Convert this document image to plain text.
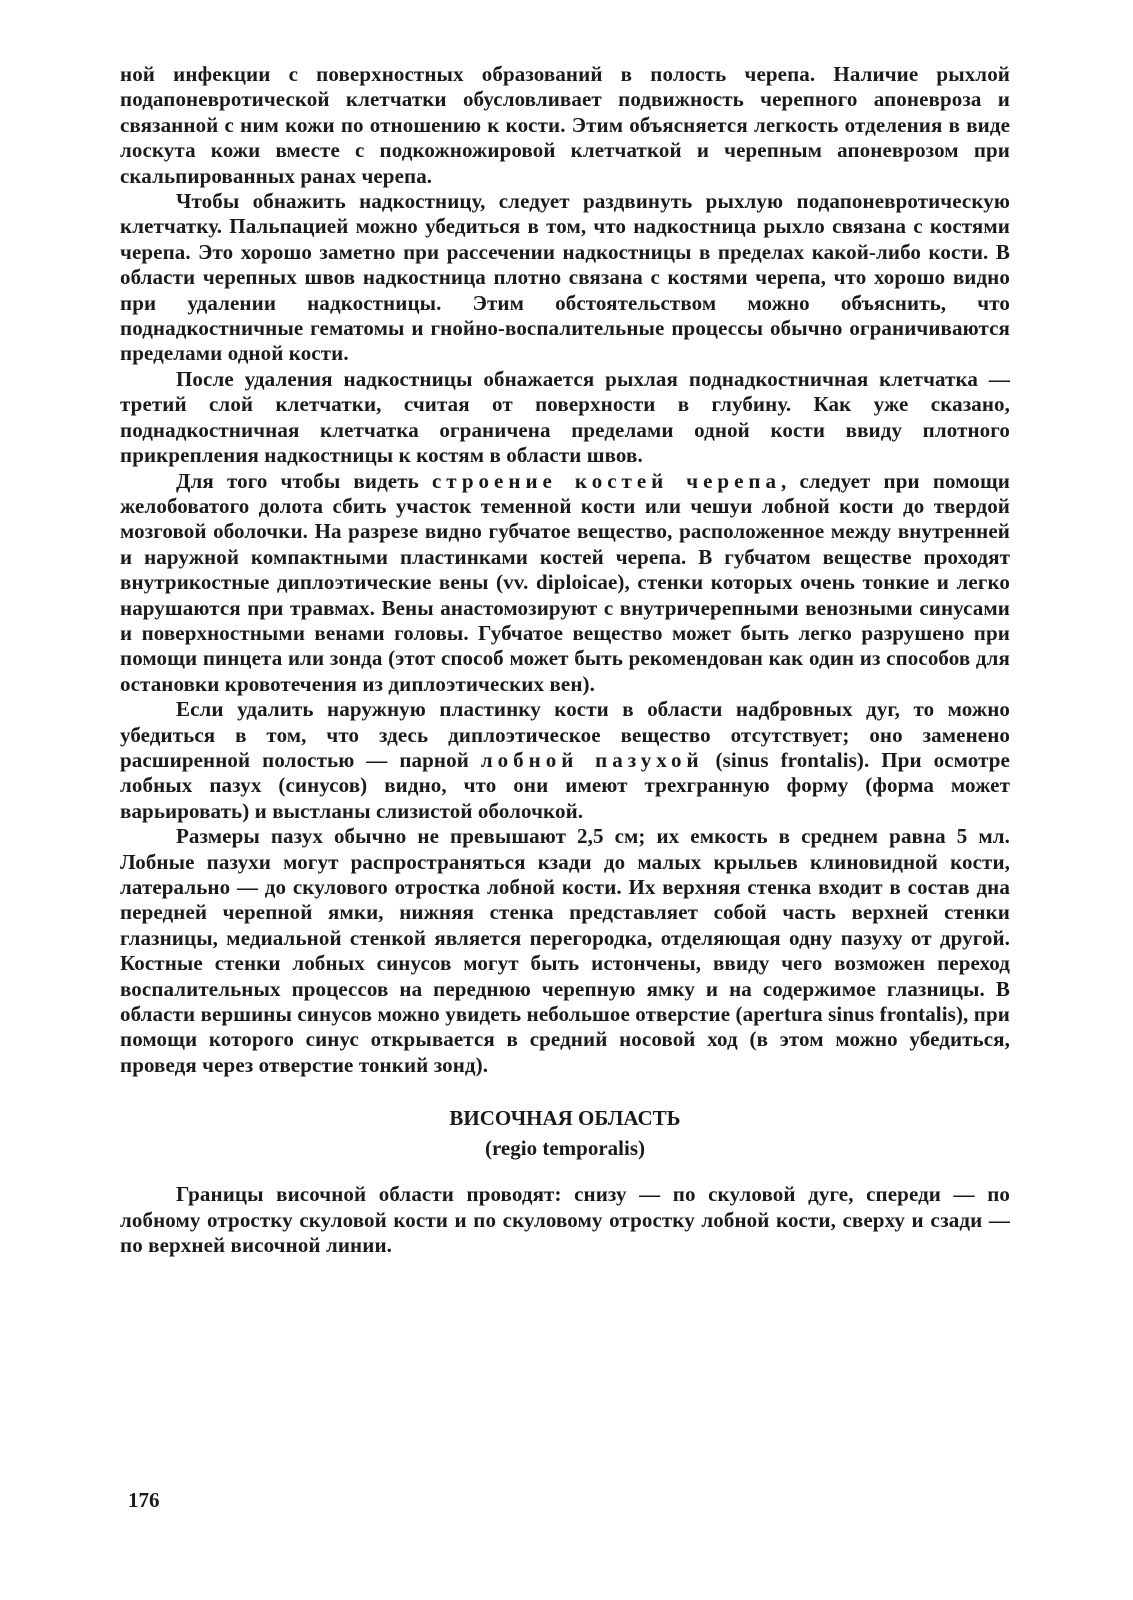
ной инфекции с поверхностных образований в полость черепа. Наличие рыхлой подапоневротической клетчатки обусловливает подвижность черепного апоневроза и связанной с ним кожи по отношению к кости. Этим объясняется легкость отделения в виде лоскута кожи вместе с подкожножировой клетчаткой и черепным апоневрозом при скальпированных ранах черепа.

Чтобы обнажить надкостницу, следует раздвинуть рыхлую подапоневротическую клетчатку. Пальпацией можно убедиться в том, что надкостница рыхло связана с костями черепа. Это хорошо заметно при рассечении надкостницы в пределах какой-либо кости. В области черепных швов надкостница плотно связана с костями черепа, что хорошо видно при удалении надкостницы. Этим обстоятельством можно объяснить, что поднадкостничные гематомы и гнойно-воспалительные процессы обычно ограничиваются пределами одной кости.

После удаления надкостницы обнажается рыхлая поднадкостничная клетчатка — третий слой клетчатки, считая от поверхности в глубину. Как уже сказано, поднадкостничная клетчатка ограничена пределами одной кости ввиду плотного прикрепления надкостницы к костям в области швов.

Для того чтобы видеть строение костей черепа, следует при помощи желобоватого долота сбить участок теменной кости или чешуи лобной кости до твердой мозговой оболочки. На разрезе видно губчатое вещество, расположенное между внутренней и наружной компактными пластинками костей черепа. В губчатом веществе проходят внутрикостные диплоэтические вены (vv. diploicae), стенки которых очень тонкие и легко нарушаются при травмах. Вены анастомозируют с внутричерепными венозными синусами и поверхностными венами головы. Губчатое вещество может быть легко разрушено при помощи пинцета или зонда (этот способ может быть рекомендован как один из способов для остановки кровотечения из диплоэтических вен).

Если удалить наружную пластинку кости в области надбровных дуг, то можно убедиться в том, что здесь диплоэтическое вещество отсутствует; оно заменено расширенной полостью — парной лобной пазухой (sinus frontalis). При осмотре лобных пазух (синусов) видно, что они имеют трехгранную форму (форма может варьировать) и выстланы слизистой оболочкой.

Размеры пазух обычно не превышают 2,5 см; их емкость в среднем равна 5 мл. Лобные пазухи могут распространяться кзади до малых крыльев клиновидной кости, латерально — до скулового отростка лобной кости. Их верхняя стенка входит в состав дна передней черепной ямки, нижняя стенка представляет собой часть верхней стенки глазницы, медиальной стенкой является перегородка, отделяющая одну пазуху от другой. Костные стенки лобных синусов могут быть истончены, ввиду чего возможен переход воспалительных процессов на переднюю черепную ямку и на содержимое глазницы. В области вершины синусов можно увидеть небольшое отверстие (apertura sinus frontalis), при помощи которого синус открывается в средний носовой ход (в этом можно убедиться, проведя через отверстие тонкий зонд).

ВИСОЧНАЯ ОБЛАСТЬ

(regio temporalis)

Границы височной области проводят: снизу — по скуловой дуге, спереди — по лобному отростку скуловой кости и по скуловому отростку лобной кости, сверху и сзади — по верхней височной линии.

176
